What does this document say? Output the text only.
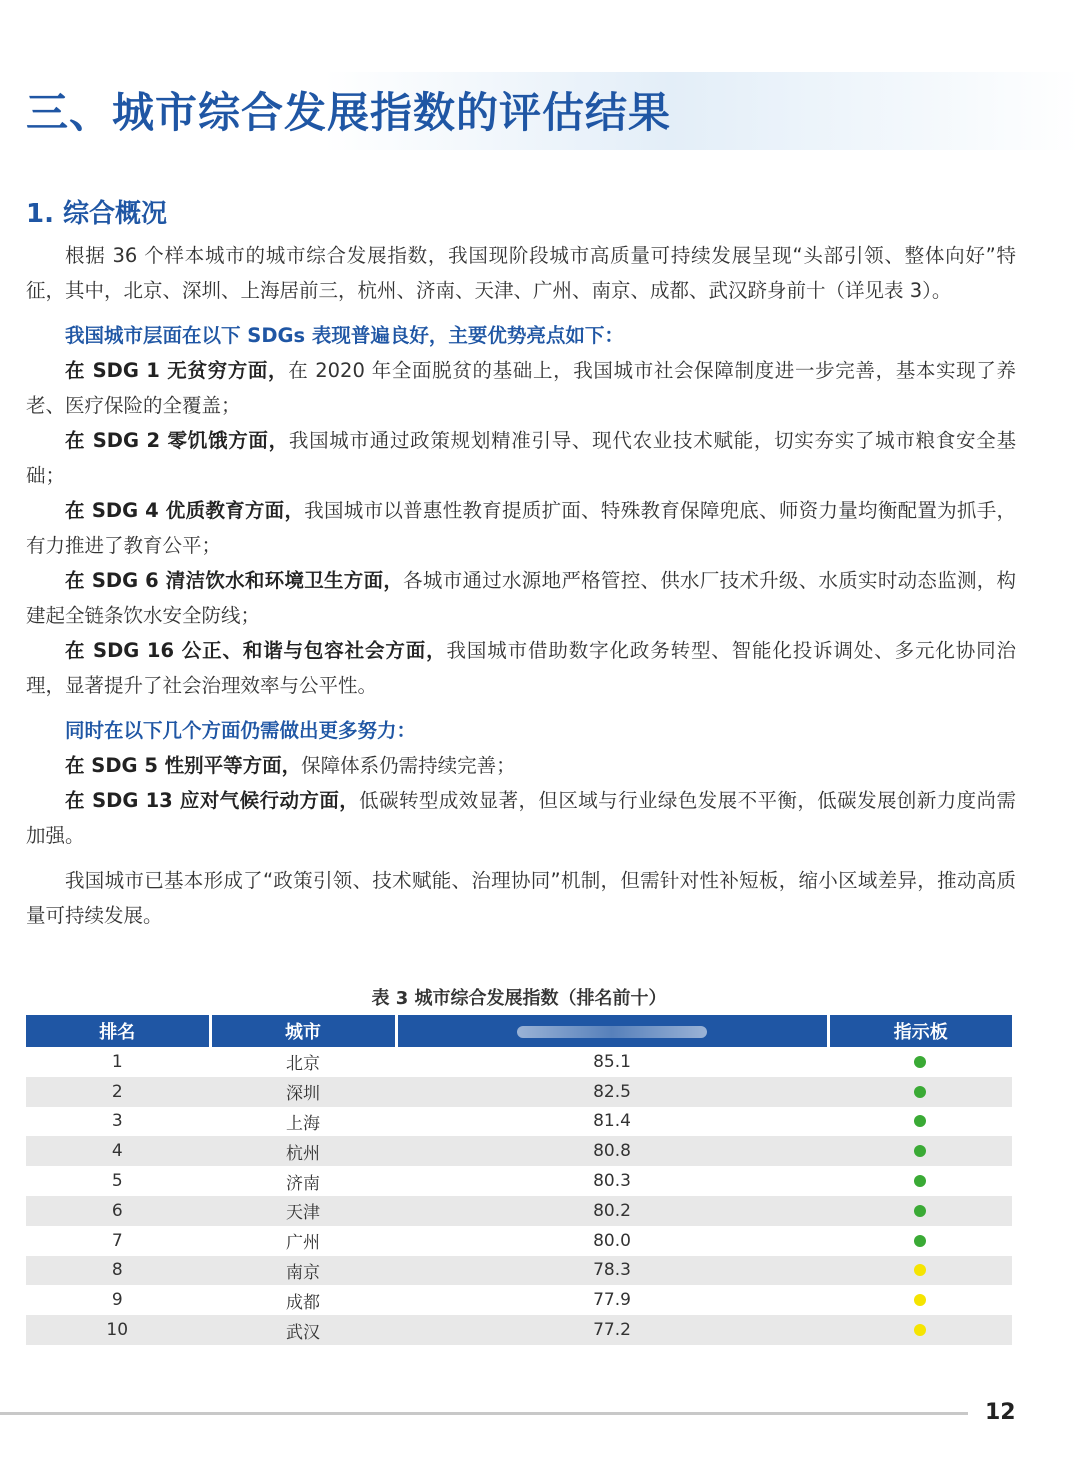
三、城市综合发展指数的评估结果
1. 综合概况

根据 36 个样本城市的城市综合发展指数，我国现阶段城市高质量可持续发展呈现“头部引领、整体向好”特征，其中，北京、深圳、上海居前三，杭州、济南、天津、广州、南京、成都、武汉跻身前十（详见表 3）。

我国城市层面在以下 SDGs 表现普遍良好，主要优势亮点如下：

在 SDG 1 无贫穷方面，在 2020 年全面脱贫的基础上，我国城市社会保障制度进一步完善，基本实现了养老、医疗保险的全覆盖；

在 SDG 2 零饥饿方面，我国城市通过政策规划精准引导、现代农业技术赋能，切实夯实了城市粮食安全基础；

在 SDG 4 优质教育方面，我国城市以普惠性教育提质扩面、特殊教育保障兜底、师资力量均衡配置为抓手，有力推进了教育公平；

在 SDG 6 清洁饮水和环境卫生方面，各城市通过水源地严格管控、供水厂技术升级、水质实时动态监测，构建起全链条饮水安全防线；

在 SDG 16 公正、和谐与包容社会方面，我国城市借助数字化政务转型、智能化投诉调处、多元化协同治理，显著提升了社会治理效率与公平性。

同时在以下几个方面仍需做出更多努力：

在 SDG 5 性别平等方面，保障体系仍需持续完善；

在 SDG 13 应对气候行动方面，低碳转型成效显著，但区域与行业绿色发展不平衡，低碳发展创新力度尚需加强。

我国城市已基本形成了“政策引领、技术赋能、治理协同”机制，但需针对性补短板，缩小区域差异，推动高质量可持续发展。

表 3 城市综合发展指数（排名前十）
排名	城市		指示板
1	北京	85.1	
2	深圳	82.5	
3	上海	81.4	
4	杭州	80.8	
5	济南	80.3	
6	天津	80.2	
7	广州	80.0	
8	南京	78.3	
9	成都	77.9	
10	武汉	77.2	
12
